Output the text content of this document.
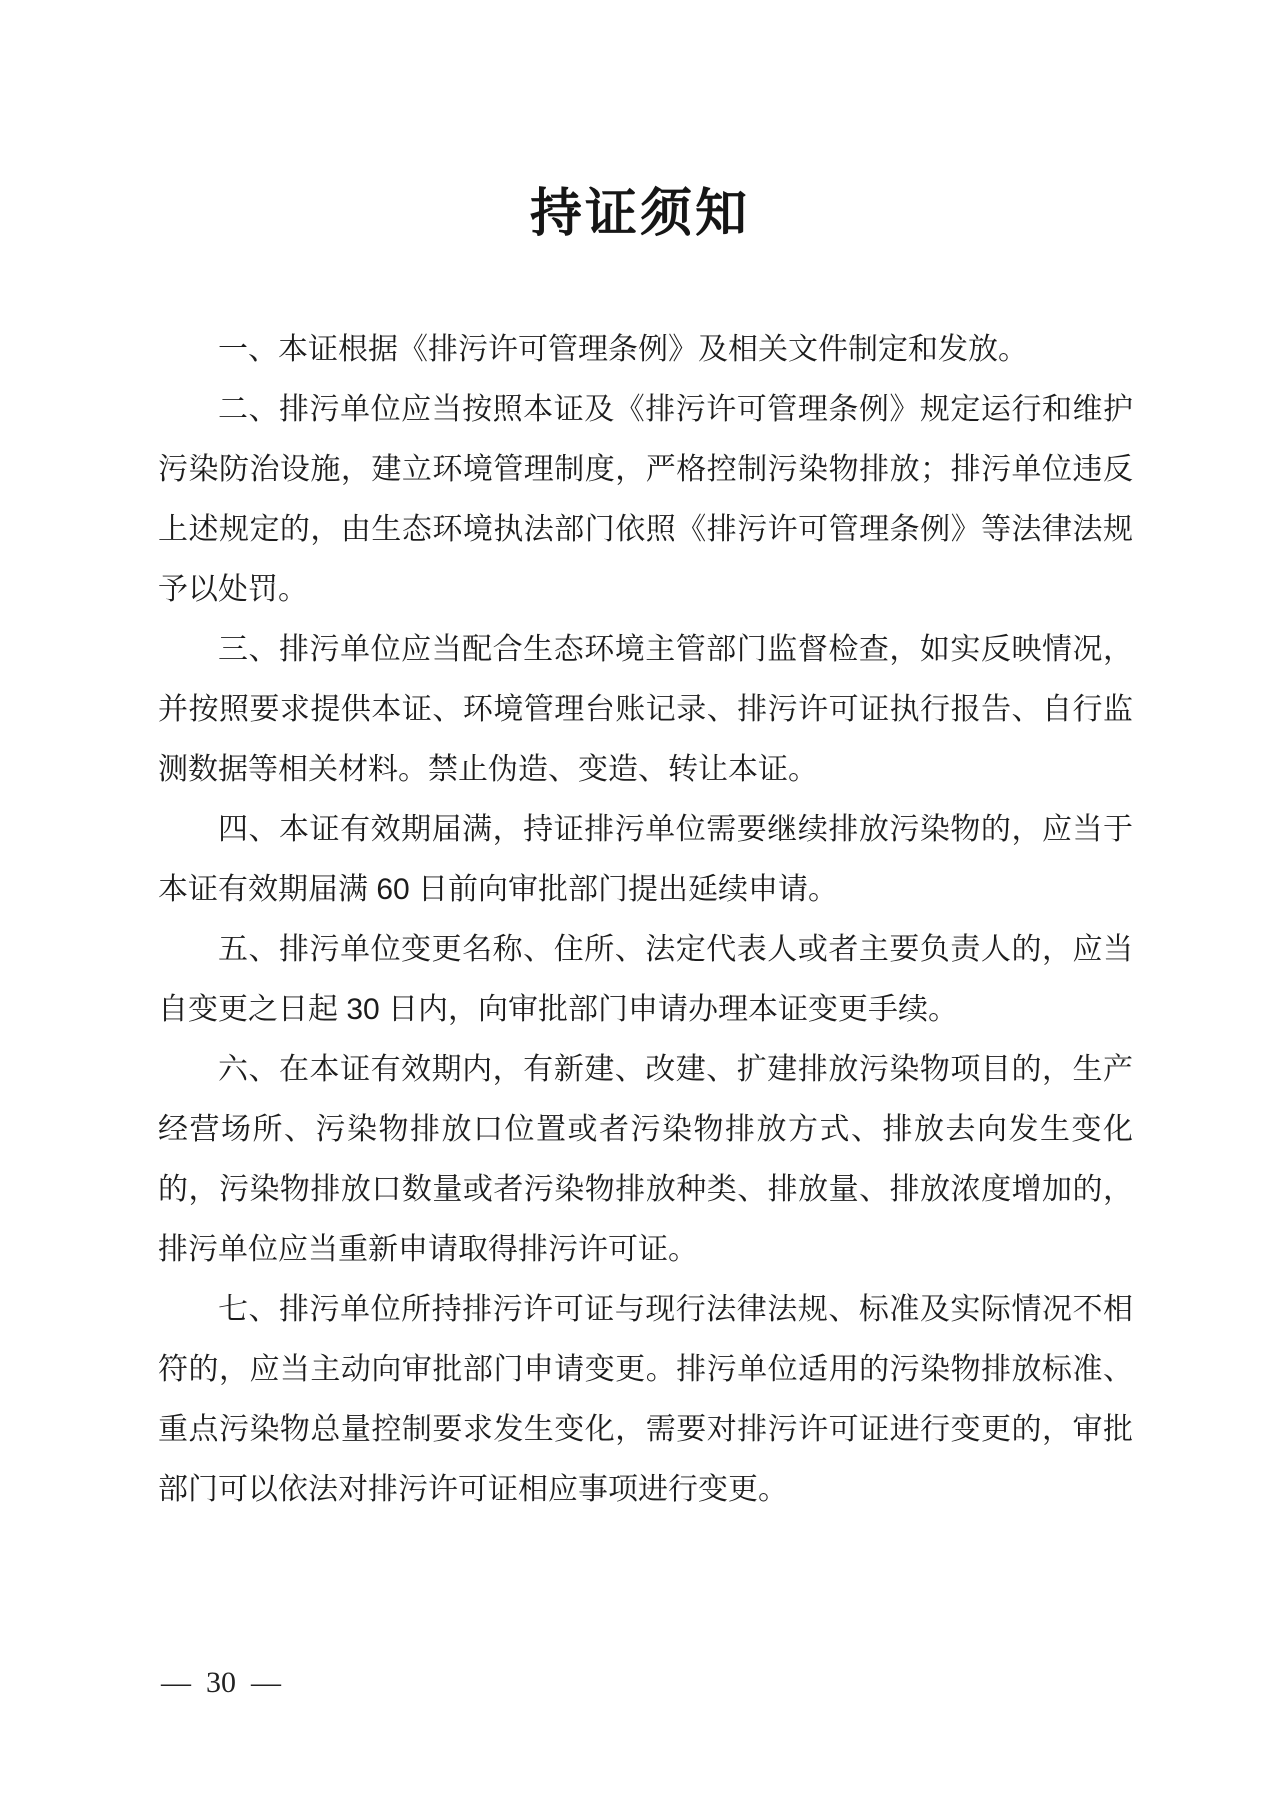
持证须知

一、本证根据《排污许可管理条例》及相关文件制定和发放。

二、排污单位应当按照本证及《排污许可管理条例》规定运行和维护污染防治设施，建立环境管理制度，严格控制污染物排放；排污单位违反上述规定的，由生态环境执法部门依照《排污许可管理条例》等法律法规予以处罚。

三、排污单位应当配合生态环境主管部门监督检查，如实反映情况，并按照要求提供本证、环境管理台账记录、排污许可证执行报告、自行监测数据等相关材料。禁止伪造、变造、转让本证。

四、本证有效期届满，持证排污单位需要继续排放污染物的，应当于本证有效期届满 60 日前向审批部门提出延续申请。

五、排污单位变更名称、住所、法定代表人或者主要负责人的，应当自变更之日起 30 日内，向审批部门申请办理本证变更手续。

六、在本证有效期内，有新建、改建、扩建排放污染物项目的，生产经营场所、污染物排放口位置或者污染物排放方式、排放去向发生变化的，污染物排放口数量或者污染物排放种类、排放量、排放浓度增加的，排污单位应当重新申请取得排污许可证。

七、排污单位所持排污许可证与现行法律法规、标准及实际情况不相符的，应当主动向审批部门申请变更。排污单位适用的污染物排放标准、重点污染物总量控制要求发生变化，需要对排污许可证进行变更的，审批部门可以依法对排污许可证相应事项进行变更。

— 30 —
